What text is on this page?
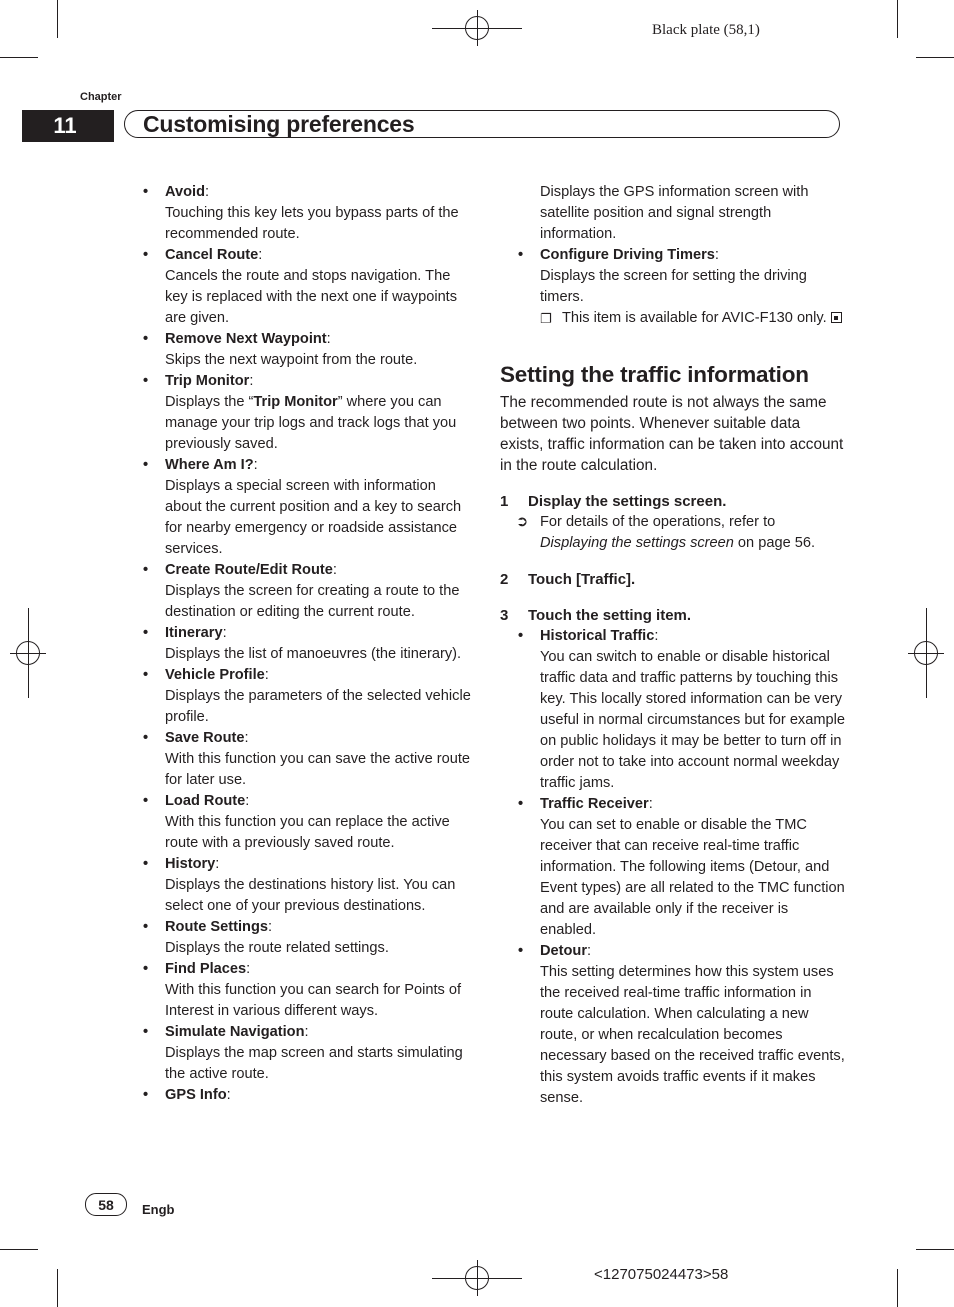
Black plate (58,1)
Chapter
11	Customising preferences
• Avoid:

Touching this key lets you bypass parts of the recommended route.

• Cancel Route:

Cancels the route and stops navigation. The key is replaced with the next one if waypoints are given.

• Remove Next Waypoint:

Skips the next waypoint from the route.

• Trip Monitor:

Displays the “Trip Monitor” where you can manage your trip logs and track logs that you previously saved.

• Where Am I?:

Displays a special screen with information about the current position and a key to search for nearby emergency or roadside assistance services.

• Create Route/Edit Route:

Displays the screen for creating a route to the destination or editing the current route.

• Itinerary:

Displays the list of manoeuvres (the itinerary).

• Vehicle Profile:

Displays the parameters of the selected vehicle profile.

• Save Route:

With this function you can save the active route for later use.

• Load Route:

With this function you can replace the active route with a previously saved route.

• History:

Displays the destinations history list. You can select one of your previous destinations.

• Route Settings:

Displays the route related settings.

• Find Places:

With this function you can search for Points of Interest in various different ways.

• Simulate Navigation:

Displays the map screen and starts simulating the active route.

• GPS Info:

Displays the GPS information screen with satellite position and signal strength information.

• Configure Driving Timers:

Displays the screen for setting the driving timers.

❐ This item is available for AVIC-F130 only.
Setting the traffic information

The recommended route is not always the same between two points. Whenever suitable data exists, traffic information can be taken into account in the route calculation.

1 Display the settings screen.
➲ For details of the operations, refer to Displaying the settings screen on page 56.
2 Touch [Traffic].
3 Touch the setting item.
• Historical Traffic:

You can switch to enable or disable historical traffic data and traffic patterns by touching this key. This locally stored information can be very useful in normal circumstances but for example on public holidays it may be better to turn off in order not to take into account normal weekday traffic jams.

• Traffic Receiver:

You can set to enable or disable the TMC receiver that can receive real-time traffic information. The following items (Detour, and Event types) are all related to the TMC function and are available only if the receiver is enabled.

• Detour:

This setting determines how this system uses the received real-time traffic information in route calculation. When calculating a new route, or when recalculation becomes necessary based on the received traffic events, this system avoids traffic events if it makes sense.

58	Engb
<127075024473>58
